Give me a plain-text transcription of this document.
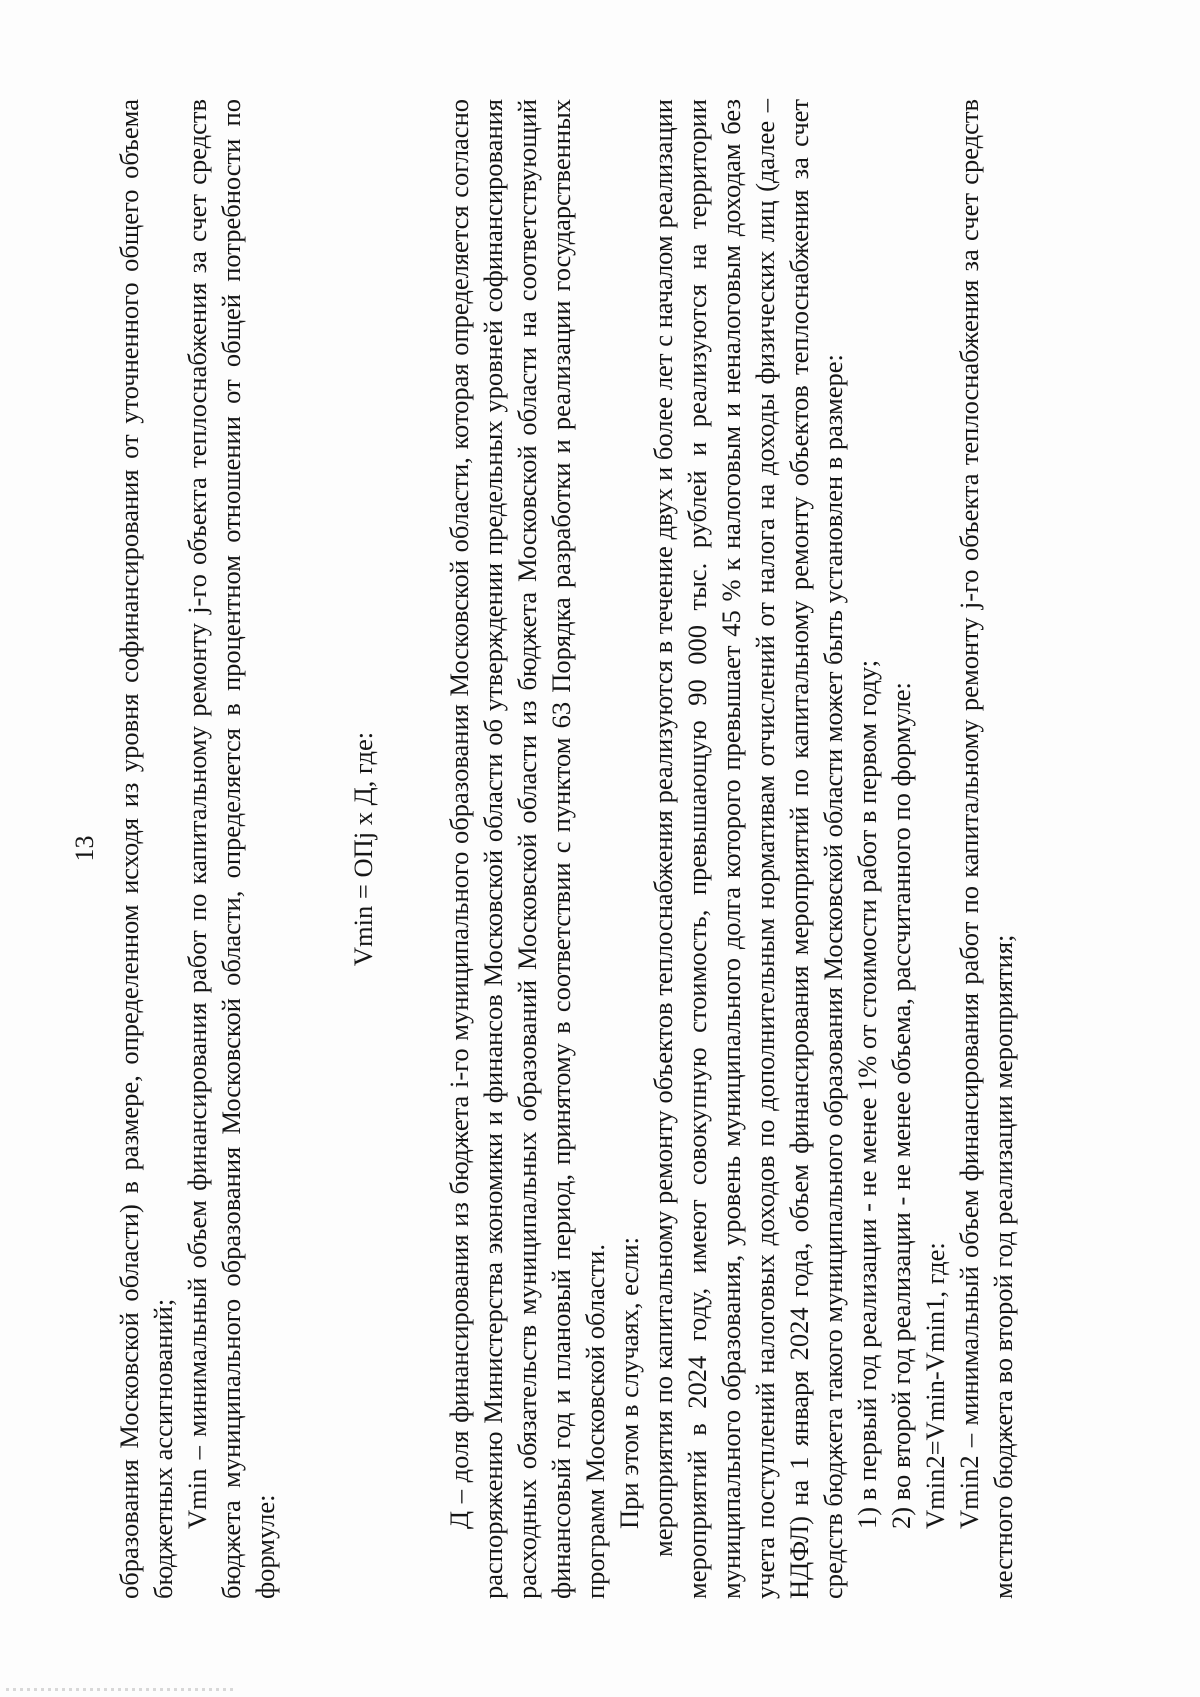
13 образования Московской области) в размере, определенном исходя из уровня софинансирования от уточненного общего объема бюджетных ассигнований; Vmin – минимальный объем финансирования работ по капитальному ремонту j-го объекта теплоснабжения за счет средств бюджета муниципального образования Московской области, определяется в процентном отношении от общей потребности по формуле:

Vmin = ОПj х Д, где: Д – доля финансирования из бюджета i-го муниципального образования Московской области, которая определяется согласно распоряжению Министерства экономики и финансов Московской области об утверждении предельных уровней софинансирования расходных обязательств муниципальных образований Московской области из бюджета Московской области на соответствующий финансовый год и плановый период, принятому в соответствии с пунктом 63 Порядка разработки и реализации государственных программ Московской области. При этом в случаях, если: мероприятия по капитальному ремонту объектов теплоснабжения реализуются в течение двух и более лет с началом реализации мероприятий в 2024 году, имеют совокупную стоимость, превышающую 90 000 тыс. рублей и реализуются на территории муниципального образования, уровень муниципального долга которого превышает 45 % к налоговым и неналоговым доходам без учета поступлений налоговых доходов по дополнительным нормативам отчислений от налога на доходы физических лиц (далее – НДФЛ) на 1 января 2024 года, объем финансирования мероприятий по капитальному ремонту объектов теплоснабжения за счет средств бюджета такого муниципального образования Московской области может быть установлен в размере: 1) в первый год реализации - не менее 1% от стоимости работ в первом году; 2) во второй год реализации - не менее объема, рассчитанного по формуле: Vmin2=Vmin-Vmin1, где: Vmin2 – минимальный объем финансирования работ по капитальному ремонту j-го объекта теплоснабжения за счет средств местного бюджета во второй год реализации мероприятия;
